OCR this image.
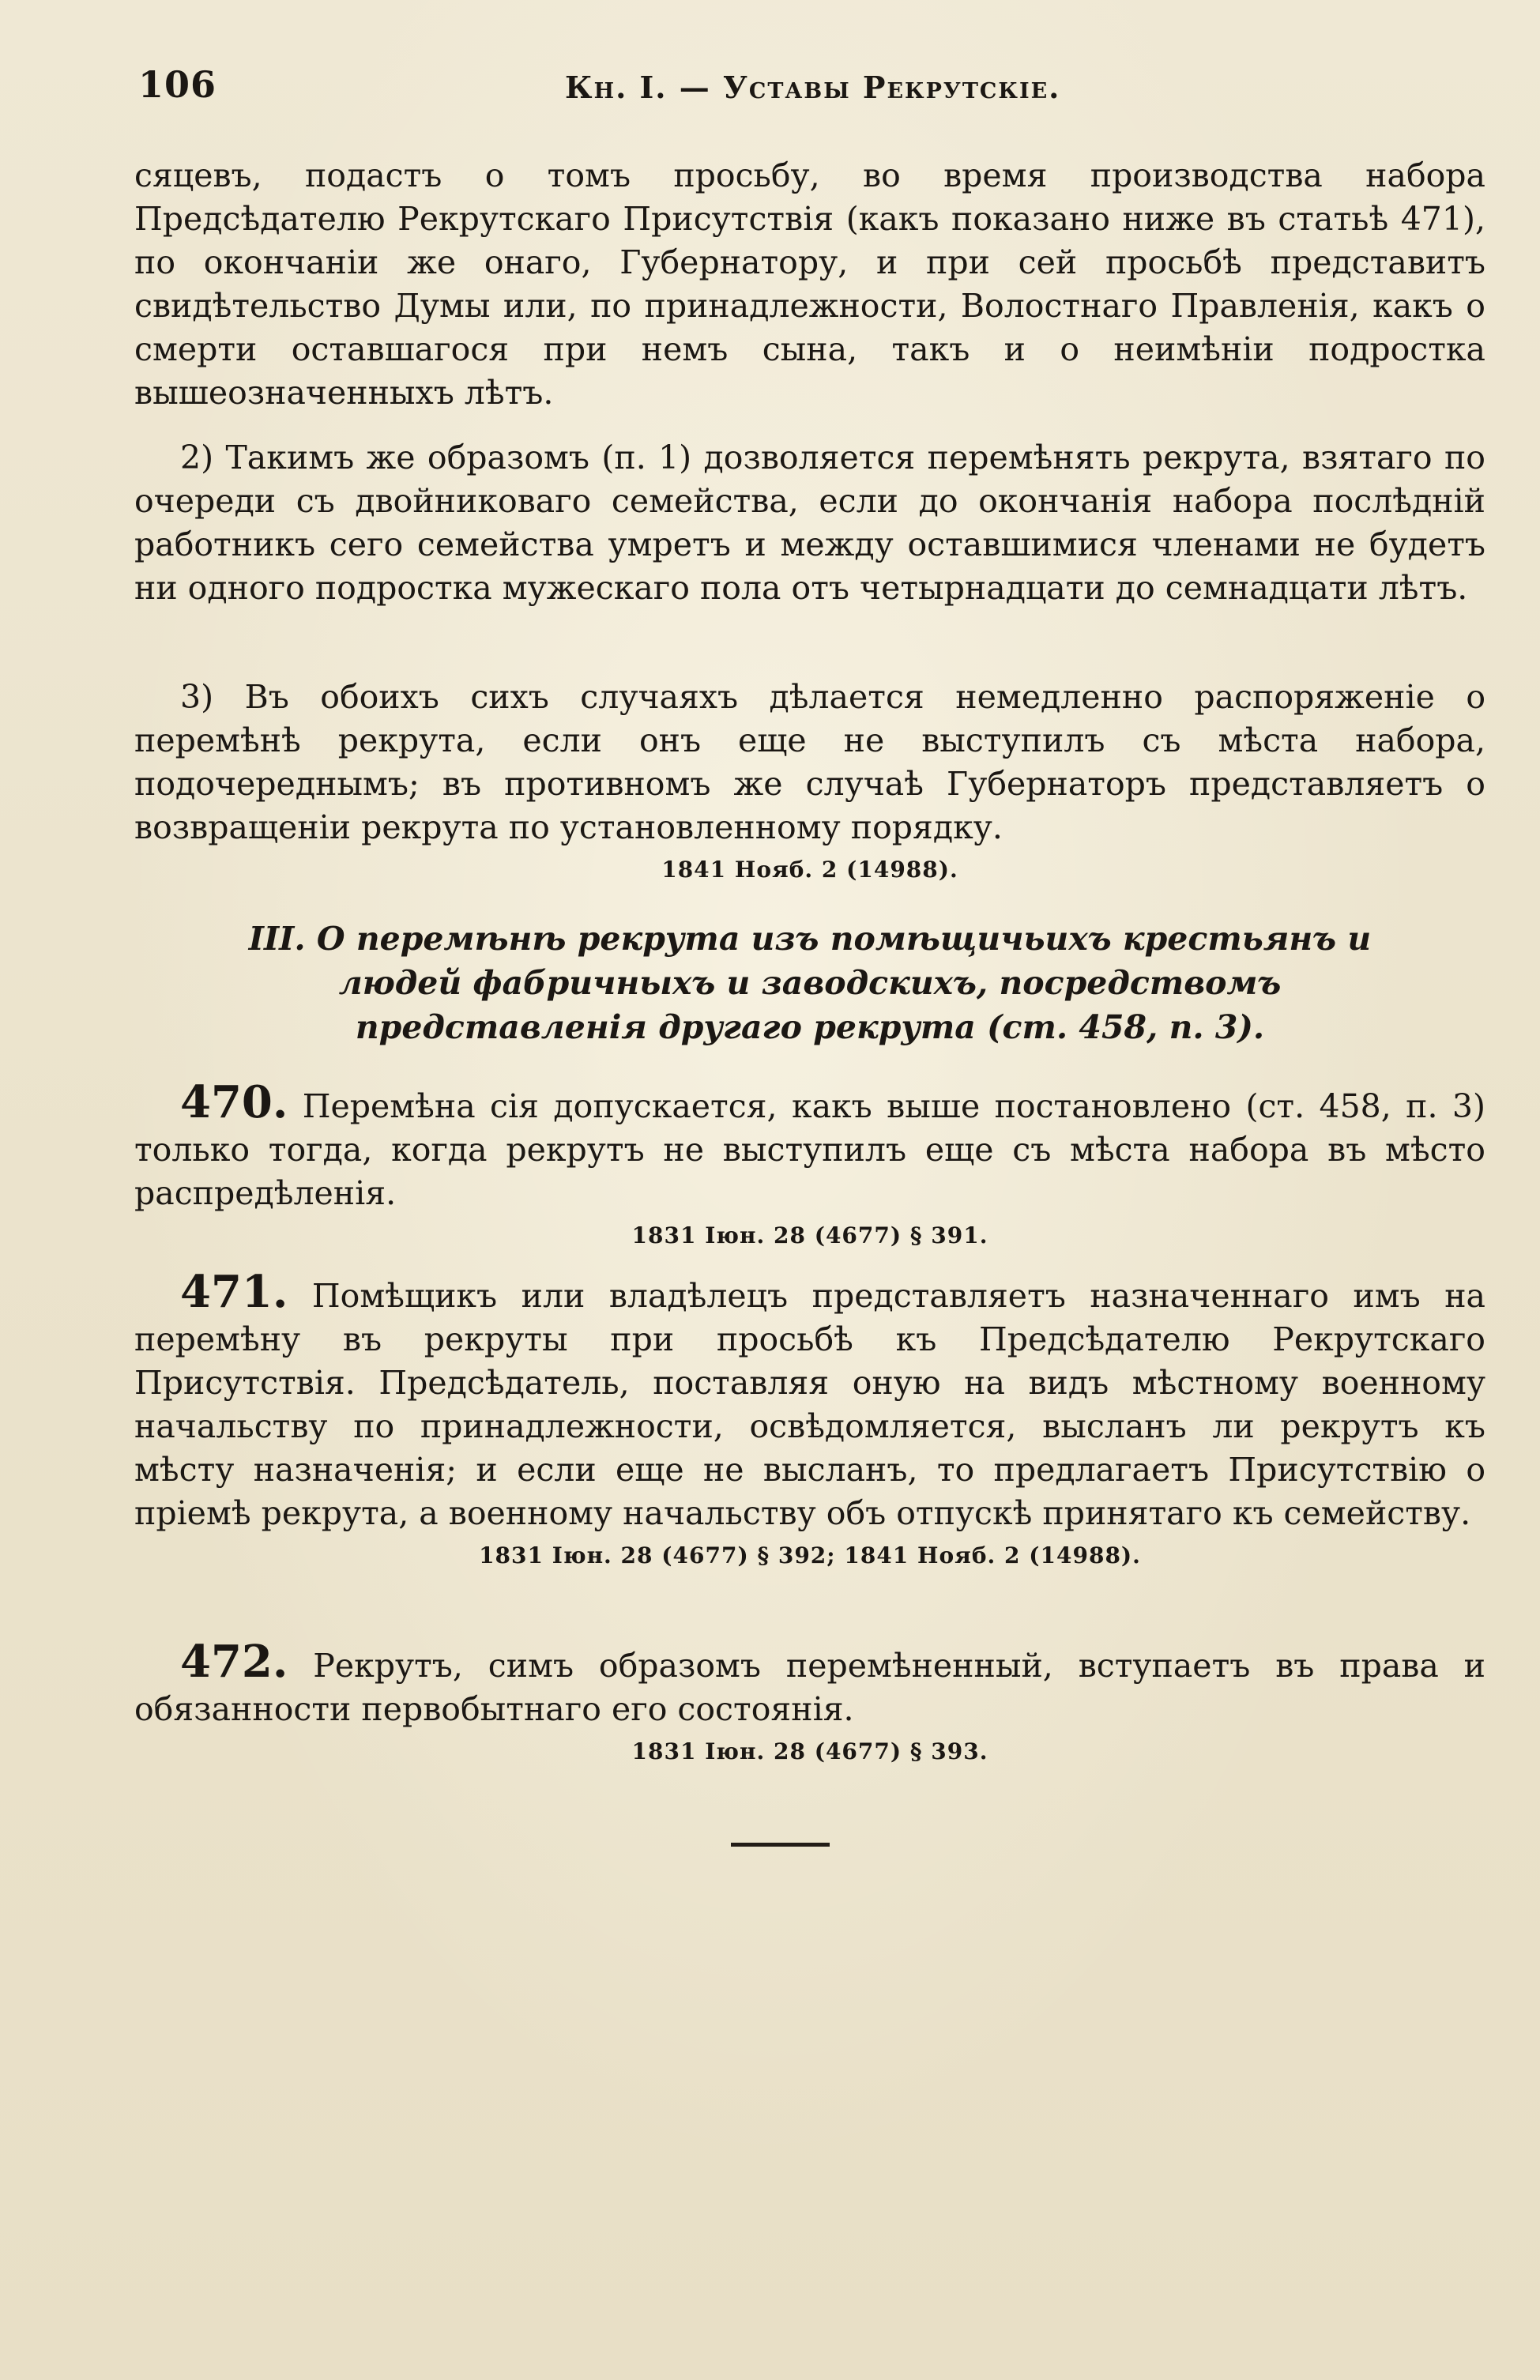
106	Кн. I. — Уставы Рекрутскіе.

сяцевъ, подастъ о томъ просьбу, во время производства набора Предсѣдателю Рекрутскаго Присутствія (какъ показано ниже въ статьѣ 471), по окончаніи же онаго, Губернатору, и при сей просьбѣ представитъ свидѣтельство Думы или, по принадлежности, Волостнаго Правленія, какъ о смерти оставшагося при немъ сына, такъ и о неимѣніи подростка вышеозначенныхъ лѣтъ.

2) Такимъ же образомъ (п. 1) дозволяется перемѣнять рекрута, взятаго по очереди съ двойниковаго семейства, если до окончанія набора послѣдній работникъ сего семейства умретъ и между оставшимися членами не будетъ ни одного подростка мужескаго пола отъ четырнадцати до семнадцати лѣтъ.

3) Въ обоихъ сихъ случаяхъ дѣлается немедленно распоряженіе о перемѣнѣ рекрута, если онъ еще не выступилъ съ мѣста набора, подочереднымъ; въ противномъ же случаѣ Губернаторъ представляетъ о возвращеніи рекрута по установленному порядку.

1841 Нояб. 2 (14988).

III. О перемѣнѣ рекрута изъ помѣщичьихъ крестьянъ и людей фабричныхъ и заводскихъ, посредствомъ представленія другаго рекрута (ст. 458, п. 3).

470. Перемѣна сія допускается, какъ выше постановлено (ст. 458, п. 3) только тогда, когда рекрутъ не выступилъ еще съ мѣста набора въ мѣсто распредѣленія.

1831 Іюн. 28 (4677) § 391.

471. Помѣщикъ или владѣлецъ представляетъ назначеннаго имъ на перемѣну въ рекруты при просьбѣ къ Предсѣдателю Рекрутскаго Присутствія. Предсѣдатель, поставляя оную на видъ мѣстному военному начальству по принадлежности, освѣдомляется, высланъ ли рекрутъ къ мѣсту назначенія; и если еще не высланъ, то предлагаетъ Присутствію о пріемѣ рекрута, а военному начальству объ отпускѣ принятаго къ семейству.

1831 Іюн. 28 (4677) § 392; 1841 Нояб. 2 (14988).

472. Рекрутъ, симъ образомъ перемѣненный, вступаетъ въ права и обязанности первобытнаго его состоянія.

1831 Іюн. 28 (4677) § 393.
